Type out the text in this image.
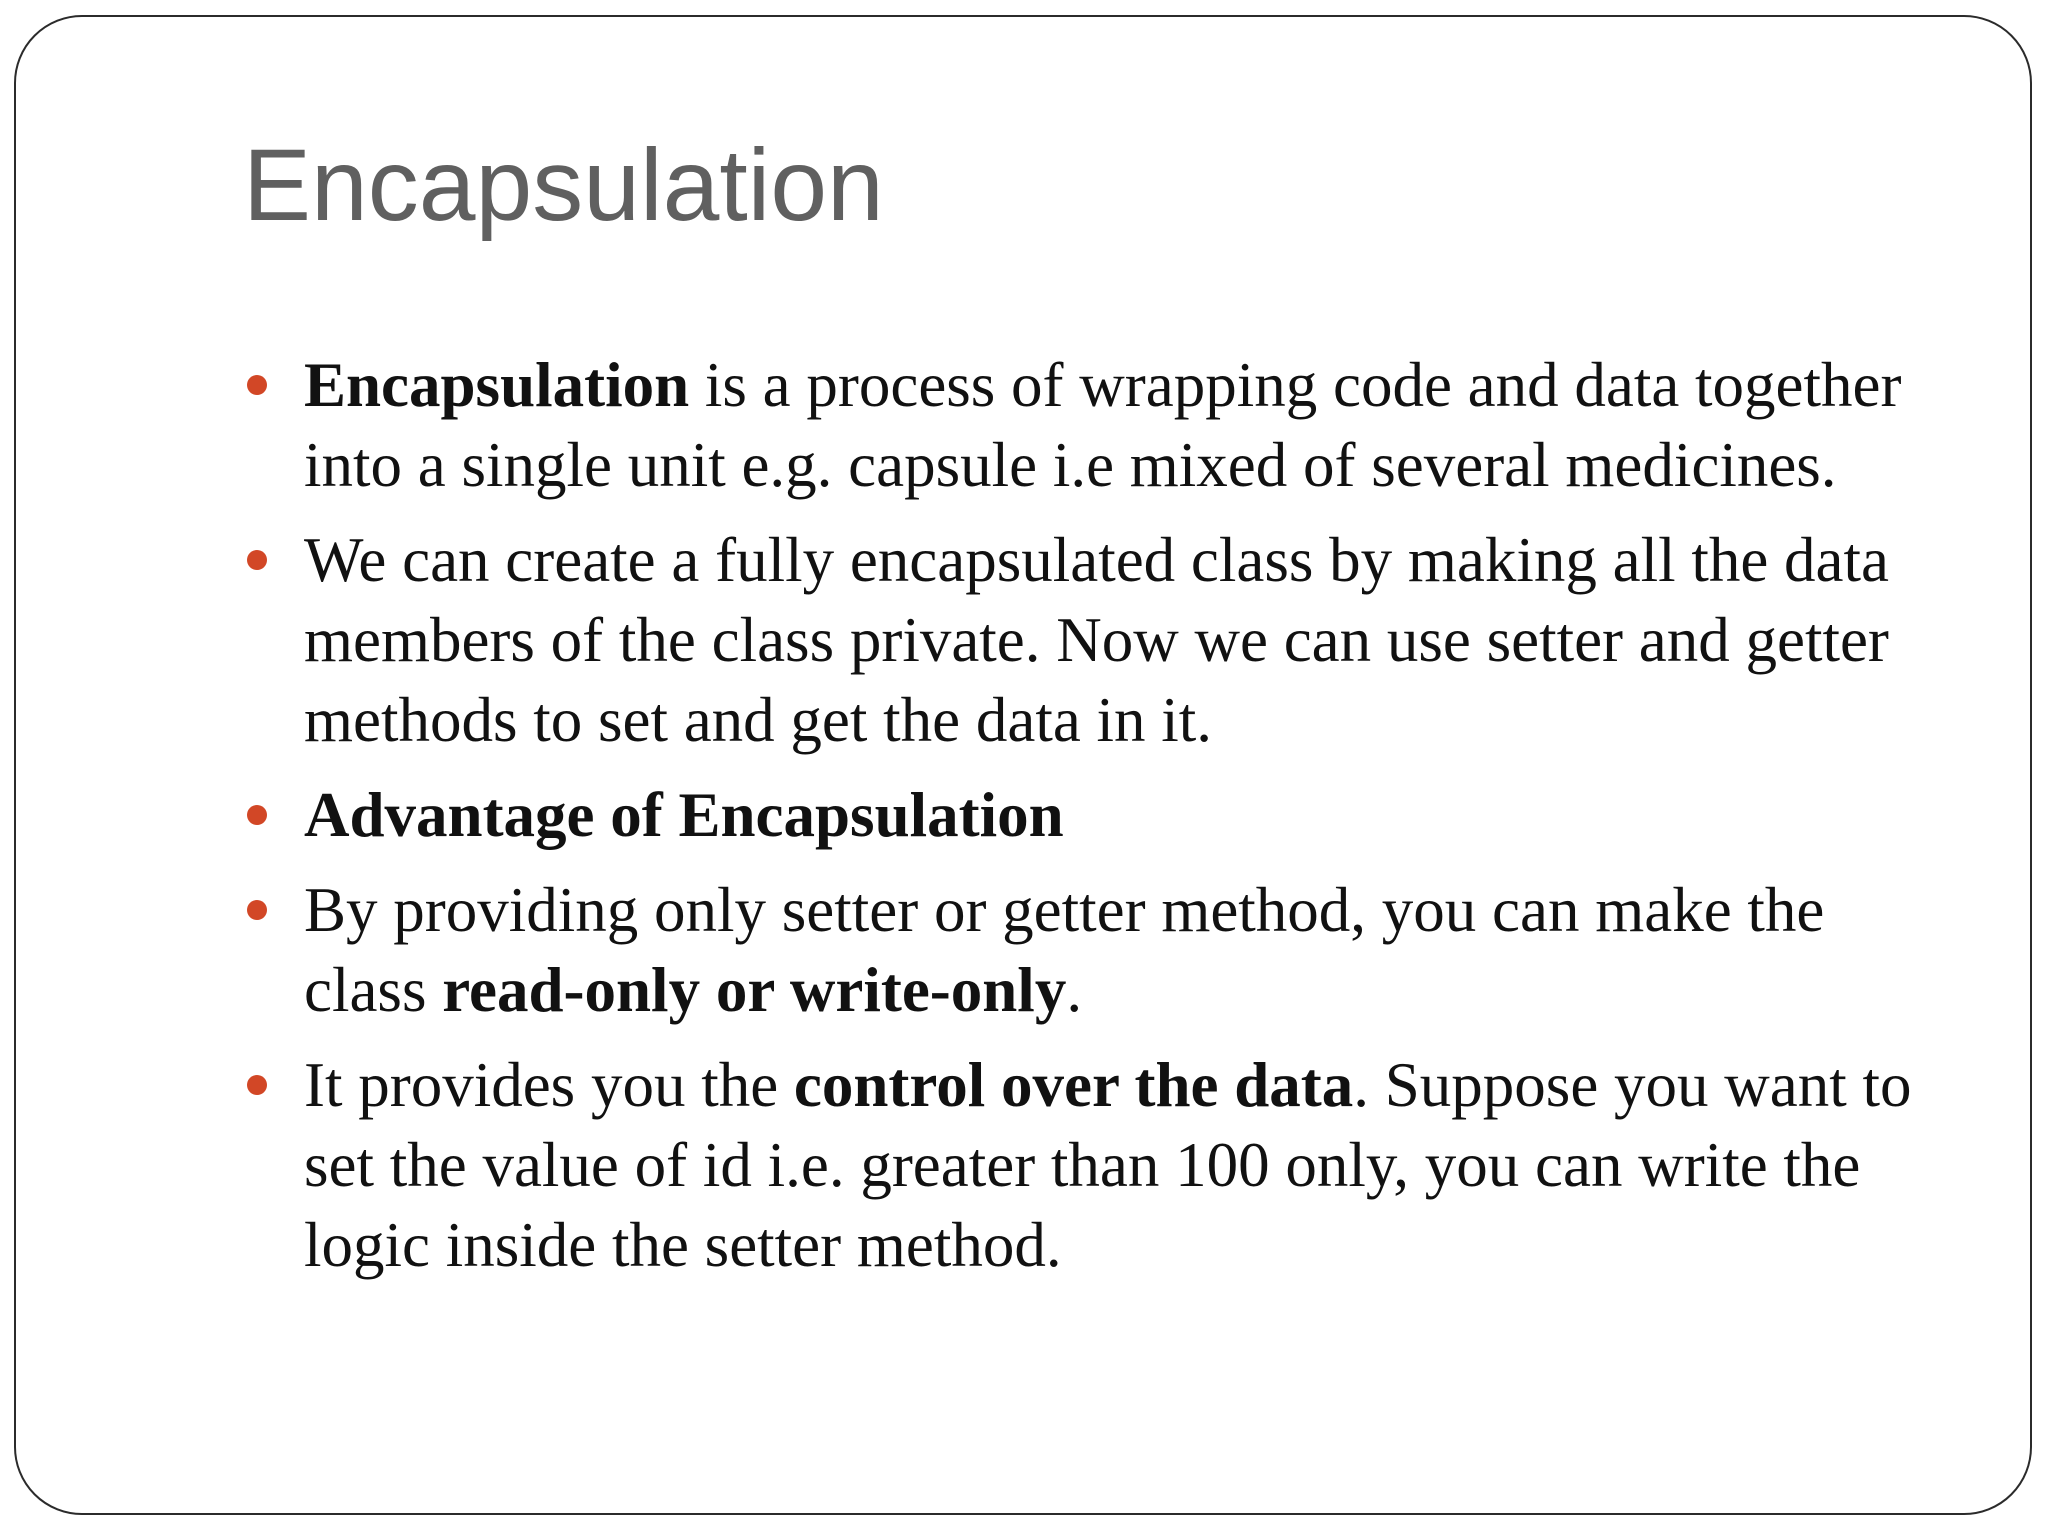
Encapsulation
Encapsulation is a process of wrapping code and data together into a single unit e.g. capsule i.e mixed of several medicines.
We can create a fully encapsulated class by making all the data members of the class private. Now we can use setter and getter methods to set and get the data in it.
Advantage of Encapsulation
By providing only setter or getter method, you can make the class read-only or write-only.
It provides you the control over the data. Suppose you want to set the value of id i.e. greater than 100 only, you can write the logic inside the setter method.
